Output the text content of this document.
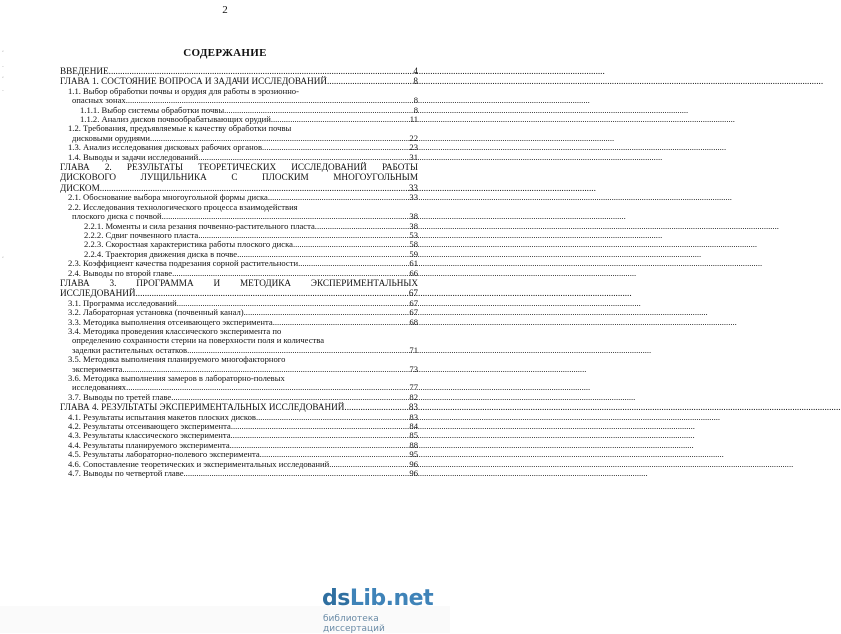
2
СОДЕРЖАНИЕ
ʼ
·
ʼ
·
ʼ
ВВЕДЕНИЕ .....	4
ГЛАВА 1. СОСТОЯНИЕ ВОПРОСА И ЗАДАЧИ ИССЛЕДОВАНИЙ .....	8
1.1. Выбор обработки почвы и орудия для работы в эрозионно-
опасных зонах .....	8
1.1.1. Выбор системы обработки почвы .....	8
1.1.2. Анализ дисков почвообрабатывающих орудий .....	11
1.2. Требования, предъявляемые к качеству обработки почвы
дисковыми орудиями .....	22
1.3. Анализ исследования дисковых рабочих органов .....	23
1.4. Выводы и задачи исследований .....	31
ГЛАВА 2. РЕЗУЛЬТАТЫ ТЕОРЕТИЧЕСКИХ ИССЛЕДОВАНИЙ РАБОТЫ
ДИСКОВОГО ЛУЩИЛЬНИКА С ПЛОСКИМ МНОГОУГОЛЬНЫМ
ДИСКОМ .....	33
2.1. Обоснование выбора многоугольной формы диска .....	33
2.2. Исследования технологического процесса взаимодействия
плоского диска с почвой .....	38
2.2.1. Моменты и сила резания почвенно-растительного пласта .....	38
2.2.2. Сдвиг почвенного пласта .....	53
2.2.3. Скоростная характеристика работы плоского диска .....	58
2.2.4. Траектория движения диска в почве .....	59
2.3. Коэффициент качества подрезания сорной растительности .....	61
2.4. Выводы по второй главе .....	66
ГЛАВА 3. ПРОГРАММА И МЕТОДИКА ЭКСПЕРИМЕНТАЛЬНЫХ
ИССЛЕДОВАНИЙ .....	67
3.1. Программа исследований .....	67
3.2. Лабораторная установка (почвенный канал) .....	67
3.3. Методика выполнения отсеивающего эксперимента .....	68
3.4. Методика проведения классического эксперимента по
определению сохранности стерни на поверхности поля и количества
заделки растительных остатков .....	71
3.5. Методика выполнения планируемого многофакторного
эксперимента .....	73
3.6. Методика выполнения замеров в лабораторно-полевых
исследованиях .....	77
3.7. Выводы по третей главе .....	82
ГЛАВА 4. РЕЗУЛЬТАТЫ ЭКСПЕРИМЕНТАЛЬНЫХ ИССЛЕДОВАНИЙ .....	83
4.1. Результаты испытания макетов плоских дисков .....	83
4.2. Результаты отсеивающего эксперимента .....	84
4.3. Результаты классического эксперимента .....	85
4.4. Результаты планируемого эксперимента .....	88
4.5. Результаты лабораторно-полевого эксперимента .....	95
4.6. Сопоставление теоретических и экспериментальных исследований .....	96
4.7. Выводы по четвертой главе .....	96
dsLib.net
библиотека диссертаций
